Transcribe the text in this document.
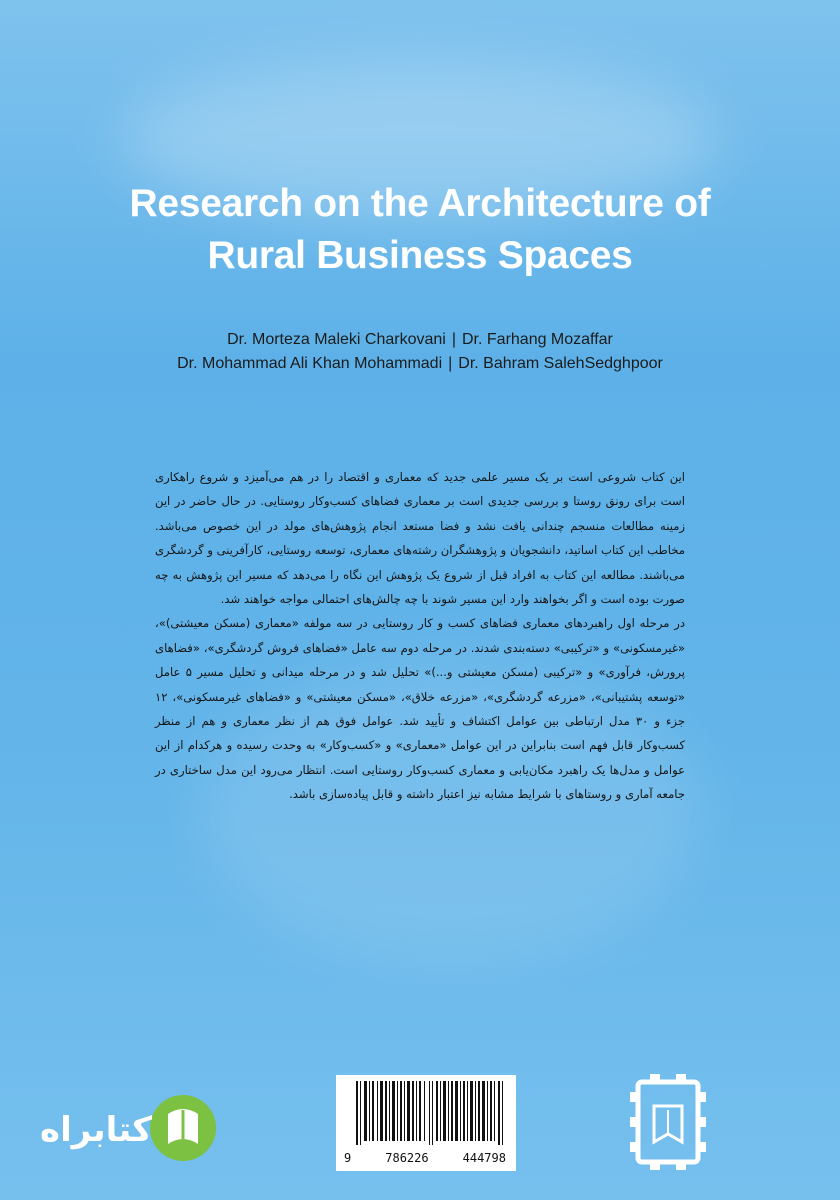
Research on the Architecture of
Rural Business Spaces
Dr. Morteza Maleki Charkovani | Dr. Farhang Mozaffar
Dr. Mohammad Ali Khan Mohammadi | Dr. Bahram SalehSedghpoor

این کتاب شروعی است بر یک مسیر علمی جدید که معماری و اقتصاد را در هم می‌آمیزد و شروع راهکاری است برای رونق روستا و بررسی جدیدی است بر معماری فضاهای کسب‌وکار روستایی. در حال حاضر در این زمینه مطالعات منسجم چندانی یافت نشد و فضا مستعد انجام پژوهش‌های مولد در این خصوص می‌باشد. مخاطب این کتاب اساتید، دانشجویان و پژوهشگران رشته‌های معماری، توسعه روستایی، کارآفرینی و گردشگری می‌باشند. مطالعه این کتاب به افراد قبل از شروع یک پژوهش این نگاه را می‌دهد که مسیر این پژوهش به چه صورت بوده است و اگر بخواهند وارد این مسیر شوند با چه چالش‌های احتمالی مواجه خواهند شد.

در مرحله اول راهبردهای معماری فضاهای کسب و کار روستایی در سه مولفه «معماری (مسکن معیشتی)»، «غیرمسکونی» و «ترکیبی» دسته‌بندی شدند. در مرحله دوم سه عامل «فضاهای فروش گردشگری»، «فضاهای پرورش، فرآوری» و «ترکیبی (مسکن معیشتی و...)» تحلیل شد و در مرحله میدانی و تحلیل مسیر ۵ عامل «توسعه پشتیبانی»، «مزرعه گردشگری»، «مزرعه خلاق»، «مسکن معیشتی» و «فضاهای غیرمسکونی»، ۱۲ جزء و ۳۰ مدل ارتباطی بین عوامل اکتشاف و تأیید شد. عوامل فوق هم از نظر معماری و هم از منظر کسب‌وکار قابل فهم است بنابراین در این عوامل «معماری» و «کسب‌وکار» به وحدت رسیده و هرکدام از این عوامل و مدل‌ها یک راهبرد مکان‌یابی و معماری کسب‌وکار روستایی است. انتظار می‌رود این مدل ساختاری در جامعه آماری و روستاهای با شرایط مشابه نیز اعتبار داشته و قابل پیاده‌سازی باشد.

9	786226	444798
کتابراه
